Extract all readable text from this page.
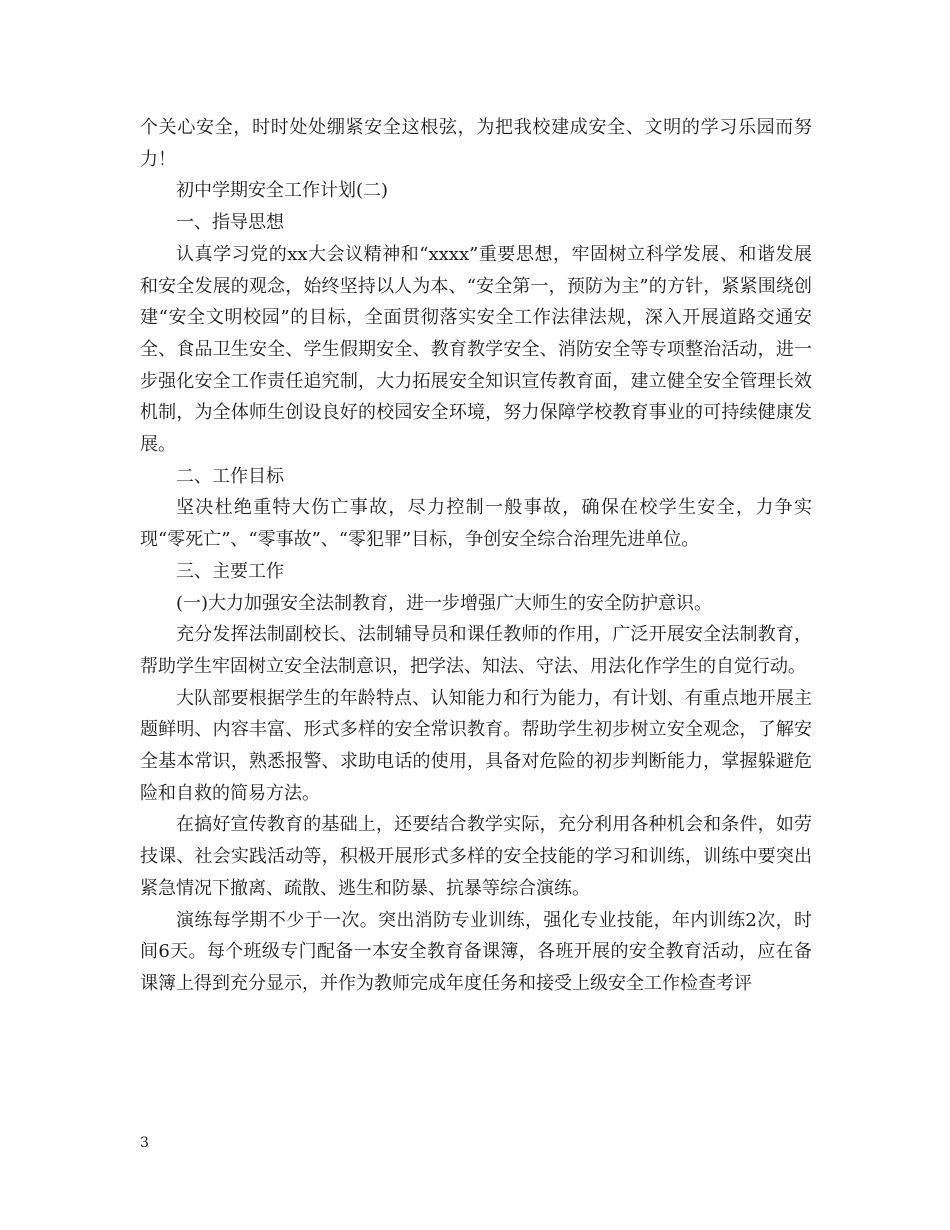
个关心安全，时时处处绷紧安全这根弦，为把我校建成安全、文明的学习乐园而努力！

初中学期安全工作计划(二)

一、指导思想

认真学习党的xx大会议精神和“xxxx”重要思想，牢固树立科学发展、和谐发展和安全发展的观念，始终坚持以人为本、“安全第一，预防为主”的方针，紧紧围绕创建“安全文明校园”的目标，全面贯彻落实安全工作法律法规，深入开展道路交通安全、食品卫生安全、学生假期安全、教育教学安全、消防安全等专项整治活动，进一步强化安全工作责任追究制，大力拓展安全知识宣传教育面，建立健全安全管理长效机制，为全体师生创设良好的校园安全环境，努力保障学校教育事业的可持续健康发展。

二、工作目标

坚决杜绝重特大伤亡事故，尽力控制一般事故，确保在校学生安全，力争实现“零死亡”、“零事故”、“零犯罪”目标，争创安全综合治理先进单位。

三、主要工作

(一)大力加强安全法制教育，进一步增强广大师生的安全防护意识。

充分发挥法制副校长、法制辅导员和课任教师的作用，广泛开展安全法制教育，帮助学生牢固树立安全法制意识，把学法、知法、守法、用法化作学生的自觉行动。

大队部要根据学生的年龄特点、认知能力和行为能力，有计划、有重点地开展主题鲜明、内容丰富、形式多样的安全常识教育。帮助学生初步树立安全观念，了解安全基本常识，熟悉报警、求助电话的使用，具备对危险的初步判断能力，掌握躲避危险和自救的简易方法。

在搞好宣传教育的基础上，还要结合教学实际，充分利用各种机会和条件，如劳技课、社会实践活动等，积极开展形式多样的安全技能的学习和训练，训练中要突出紧急情况下撤离、疏散、逃生和防暴、抗暴等综合演练。

演练每学期不少于一次。突出消防专业训练，强化专业技能，年内训练2次，时间6天。每个班级专门配备一本安全教育备课簿，各班开展的安全教育活动，应在备课簿上得到充分显示，并作为教师完成年度任务和接受上级安全工作检查考评

3
